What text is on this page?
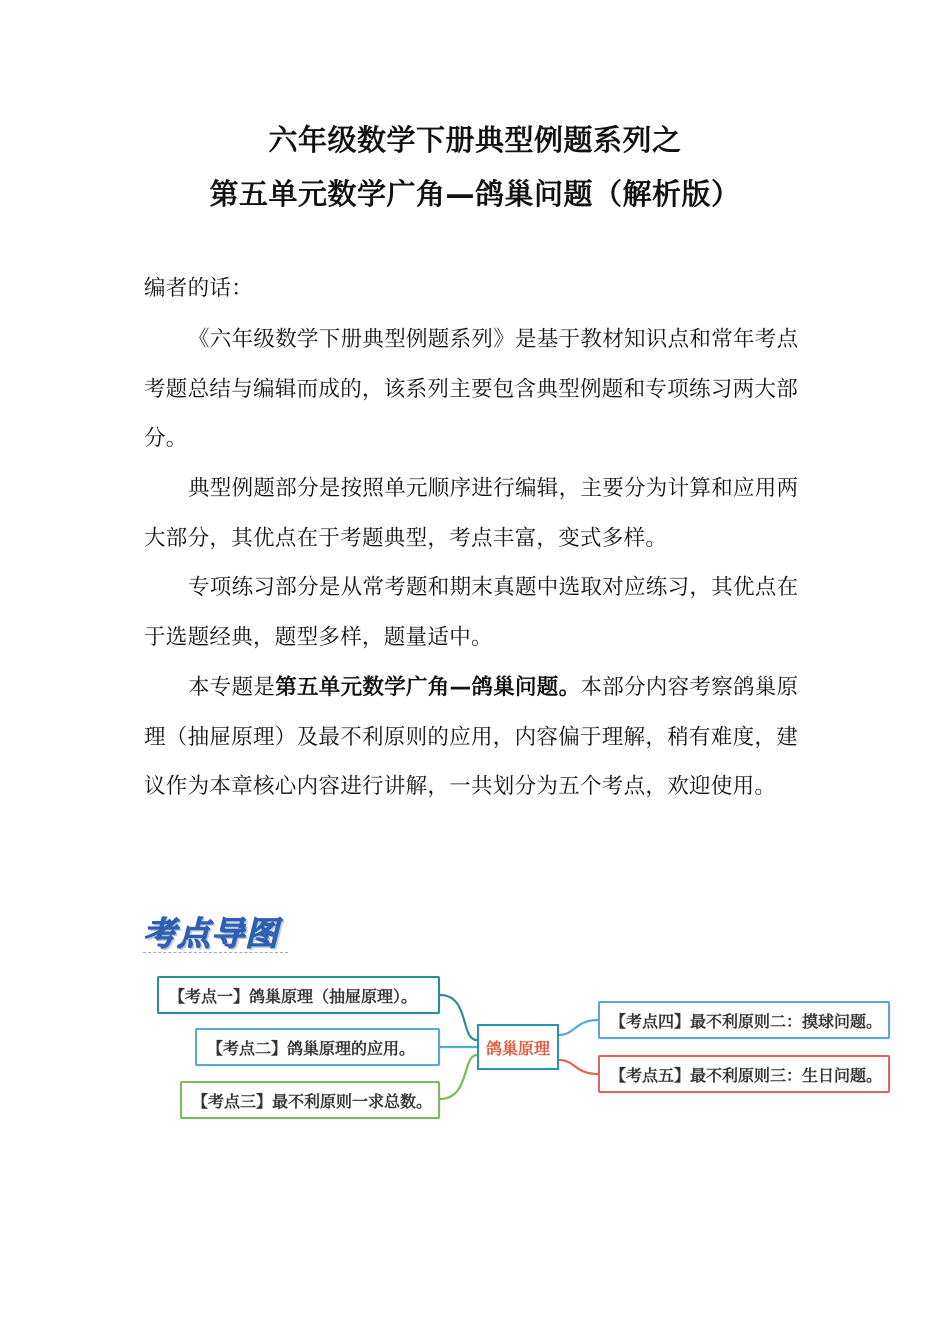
六年级数学下册典型例题系列之
第五单元数学广角—鸽巢问题（解析版）
编者的话：
《六年级数学下册典型例题系列》是基于教材知识点和常年考点考题总结与编辑而成的，该系列主要包含典型例题和专项练习两大部分。
典型例题部分是按照单元顺序进行编辑，主要分为计算和应用两大部分，其优点在于考题典型，考点丰富，变式多样。
专项练习部分是从常考题和期末真题中选取对应练习，其优点在于选题经典，题型多样，题量适中。
本专题是第五单元数学广角—鸽巢问题。本部分内容考察鸽巢原理（抽屉原理）及最不利原则的应用，内容偏于理解，稍有难度，建议作为本章核心内容进行讲解，一共划分为五个考点，欢迎使用。
考点导图
【考点一】鸽巢原理（抽屉原理）。
【考点二】鸽巢原理的应用。
【考点三】最不利原则一求总数。
【考点四】最不利原则二：摸球问题。
【考点五】最不利原则三：生日问题。
鸽巢原理
